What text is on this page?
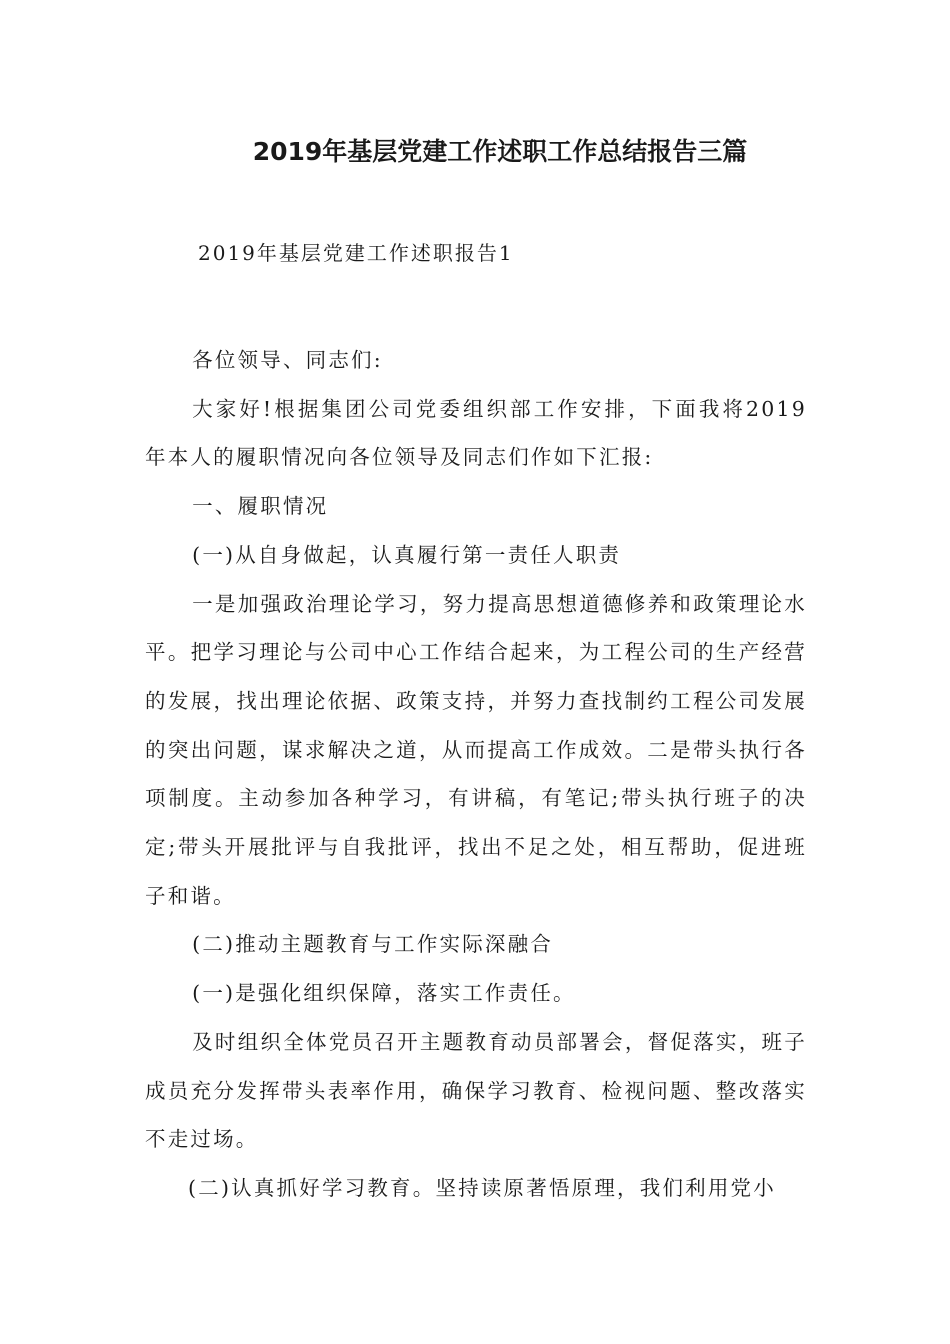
2019年基层党建工作述职工作总结报告三篇
2019年基层党建工作述职报告1

各位领导、同志们:

大家好!根据集团公司党委组织部工作安排，下面我将2019年本人的履职情况向各位领导及同志们作如下汇报:

一、履职情况

(一)从自身做起，认真履行第一责任人职责

一是加强政治理论学习，努力提高思想道德修养和政策理论水平。把学习理论与公司中心工作结合起来，为工程公司的生产经营的发展，找出理论依据、政策支持，并努力查找制约工程公司发展的突出问题，谋求解决之道，从而提高工作成效。二是带头执行各项制度。主动参加各种学习，有讲稿，有笔记;带头执行班子的决定;带头开展批评与自我批评，找出不足之处，相互帮助，促进班子和谐。

(二)推动主题教育与工作实际深融合

(一)是强化组织保障，落实工作责任。

及时组织全体党员召开主题教育动员部署会，督促落实，班子成员充分发挥带头表率作用，确保学习教育、检视问题、整改落实不走过场。

(二)认真抓好学习教育。坚持读原著悟原理，我们利用党小
